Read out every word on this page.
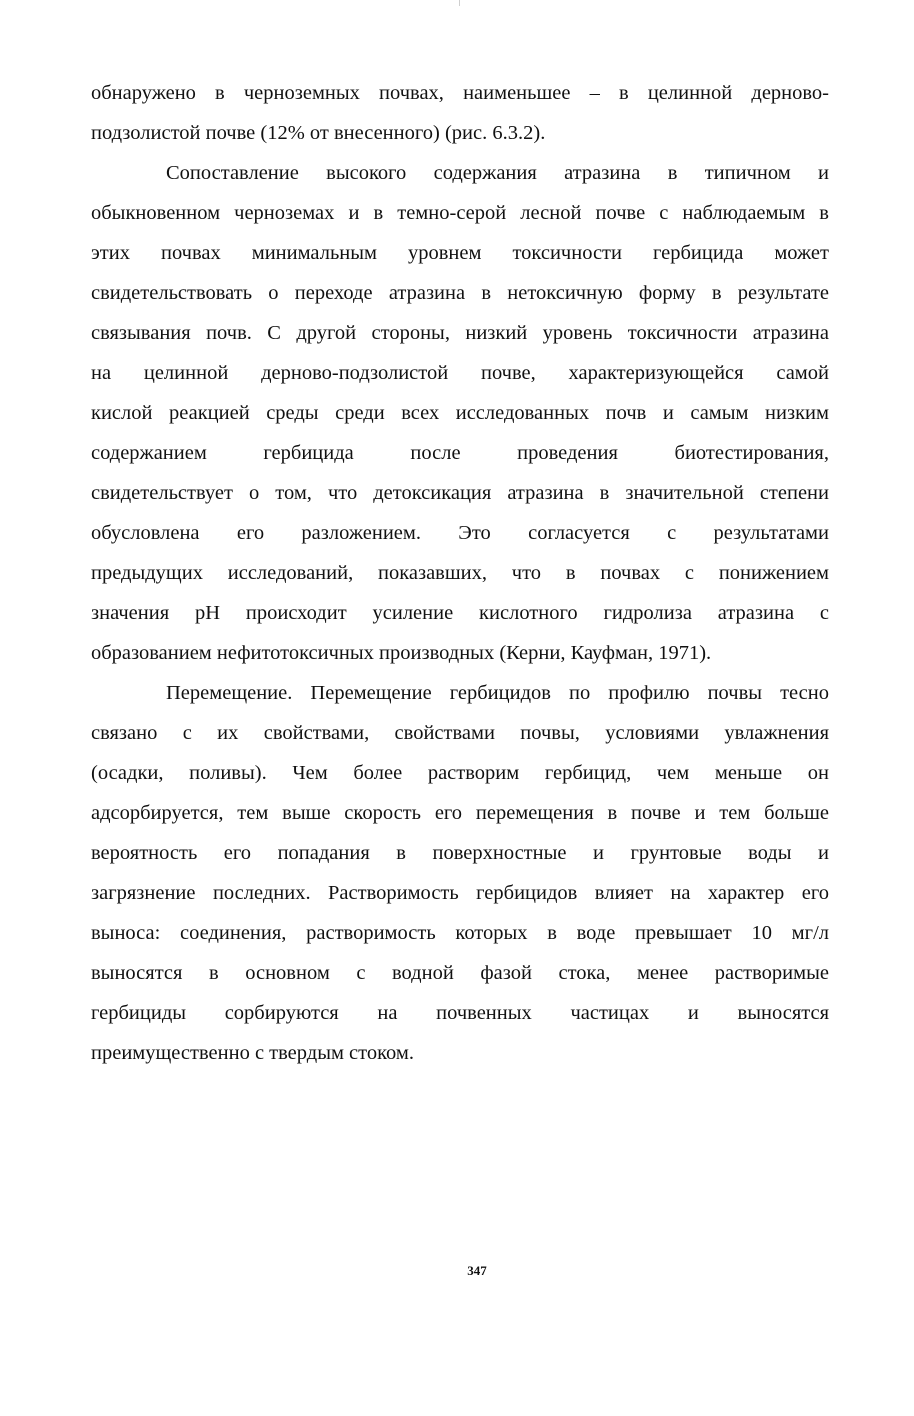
обнаружено в черноземных почвах, наименьшее – в целинной дерново-
подзолистой почве (12% от внесенного) (рис. 6.3.2).
Сопоставление высокого содержания атразина в типичном и
обыкновенном черноземах и в темно-серой лесной почве с наблюдаемым в
этих почвах минимальным уровнем токсичности гербицида может
свидетельствовать о переходе атразина в нетоксичную форму в результате
связывания почв. С другой стороны, низкий уровень токсичности атразина
на целинной дерново-подзолистой почве, характеризующейся самой
кислой реакцией среды среди всех исследованных почв и самым низким
содержанием гербицида после проведения биотестирования,
свидетельствует о том, что детоксикация атразина в значительной степени
обусловлена его разложением. Это согласуется с результатами
предыдущих исследований, показавших, что в почвах с понижением
значения pH происходит усиление кислотного гидролиза атразина с
образованием нефитотоксичных производных (Керни, Кауфман, 1971).
Перемещение. Перемещение гербицидов по профилю почвы тесно
связано с их свойствами, свойствами почвы, условиями увлажнения
(осадки, поливы). Чем более растворим гербицид, чем меньше он
адсорбируется, тем выше скорость его перемещения в почве и тем больше
вероятность его попадания в поверхностные и грунтовые воды и
загрязнение последних. Растворимость гербицидов влияет на характер его
выноса: соединения, растворимость которых в воде превышает 10 мг/л
выносятся в основном с водной фазой стока, менее растворимые
гербициды сорбируются на почвенных частицах и выносятся
преимущественно с твердым стоком.
347
